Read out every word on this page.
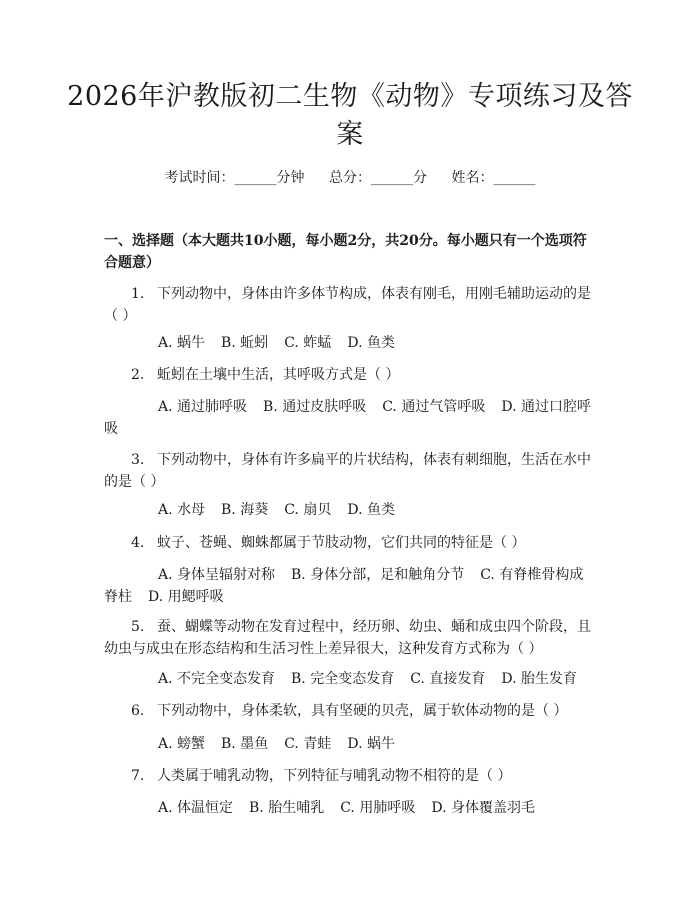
2026年沪教版初二生物《动物》专项练习及答案
考试时间：______分钟 总分：______分 姓名：______
一、选择题（本大题共10小题，每小题2分，共20分。每小题只有一个选项符合题意）

1. 下列动物中，身体由许多体节构成，体表有刚毛，用刚毛辅助运动的是（ ）

A. 蜗牛 B. 蚯蚓 C. 蚱蜢 D. 鱼类

2. 蚯蚓在土壤中生活，其呼吸方式是（ ）

A. 通过肺呼吸 B. 通过皮肤呼吸 C. 通过气管呼吸 D. 通过口腔呼吸

3. 下列动物中，身体有许多扁平的片状结构，体表有刺细胞，生活在水中的是（ ）

A. 水母 B. 海葵 C. 扇贝 D. 鱼类

4. 蚊子、苍蝇、蜘蛛都属于节肢动物，它们共同的特征是（ ）

A. 身体呈辐射对称 B. 身体分部，足和触角分节 C. 有脊椎骨构成脊柱 D. 用鳃呼吸

5. 蚕、蝴蝶等动物在发育过程中，经历卵、幼虫、蛹和成虫四个阶段，且幼虫与成虫在形态结构和生活习性上差异很大，这种发育方式称为（ ）

A. 不完全变态发育 B. 完全变态发育 C. 直接发育 D. 胎生发育

6. 下列动物中，身体柔软，具有坚硬的贝壳，属于软体动物的是（ ）

A. 螃蟹 B. 墨鱼 C. 青蛙 D. 蜗牛

7. 人类属于哺乳动物，下列特征与哺乳动物不相符的是（ ）

A. 体温恒定 B. 胎生哺乳 C. 用肺呼吸 D. 身体覆盖羽毛
